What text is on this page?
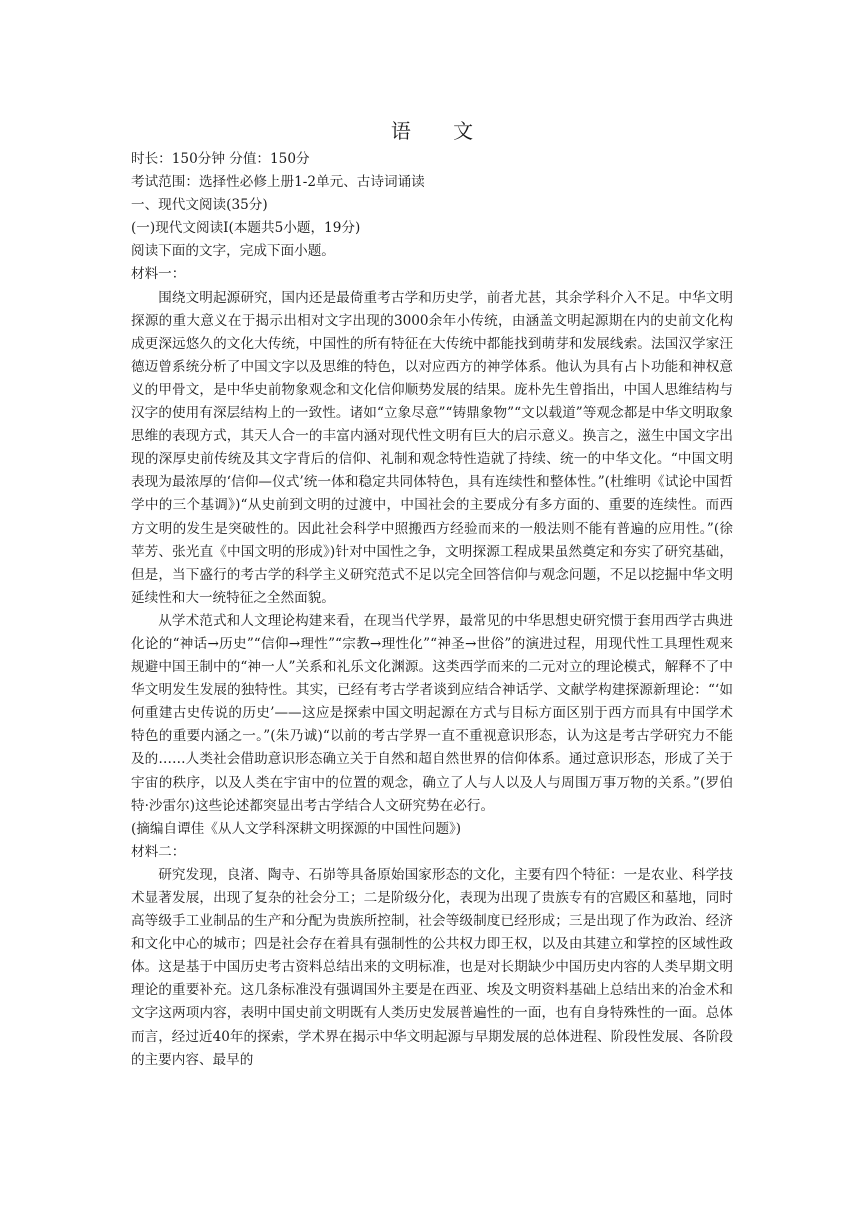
语 文
时长：150分钟 分值：150分
考试范围：选择性必修上册1-2单元、古诗词诵读
一、现代文阅读(35分)
(一)现代文阅读I(本题共5小题，19分)
阅读下面的文字，完成下面小题。
材料一：

围绕文明起源研究，国内还是最倚重考古学和历史学，前者尤甚，其余学科介入不足。中华文明探源的重大意义在于揭示出相对文字出现的3000余年小传统，由涵盖文明起源期在内的史前文化构成更深远悠久的文化大传统，中国性的所有特征在大传统中都能找到萌芽和发展线索。法国汉学家汪德迈曾系统分析了中国文字以及思维的特色，以对应西方的神学体系。他认为具有占卜功能和神权意义的甲骨文，是中华史前物象观念和文化信仰顺势发展的结果。庞朴先生曾指出，中国人思维结构与汉字的使用有深层结构上的一致性。诸如“立象尽意”“铸鼎象物”“文以载道”等观念都是中华文明取象思维的表现方式，其天人合一的丰富内涵对现代性文明有巨大的启示意义。换言之，滋生中国文字出现的深厚史前传统及其文字背后的信仰、礼制和观念特性造就了持续、统一的中华文化。“中国文明表现为最浓厚的‘信仰—仪式’统一体和稳定共同体特色，具有连续性和整体性。”(杜维明《试论中国哲学中的三个基调》)“从史前到文明的过渡中，中国社会的主要成分有多方面的、重要的连续性。而西方文明的发生是突破性的。因此社会科学中照搬西方经验而来的一般法则不能有普遍的应用性。”(徐苹芳、张光直《中国文明的形成》)针对中国性之争，文明探源工程成果虽然奠定和夯实了研究基础，但是，当下盛行的考古学的科学主义研究范式不足以完全回答信仰与观念问题，不足以挖掘中华文明延续性和大一统特征之全然面貌。

从学术范式和人文理论构建来看，在现当代学界，最常见的中华思想史研究惯于套用西学古典进化论的“神话→历史”“信仰→理性”“宗教→理性化”“神圣→世俗”的演进过程，用现代性工具理性观来规避中国王制中的“神一人”关系和礼乐文化渊源。这类西学而来的二元对立的理论模式，解释不了中华文明发生发展的独特性。其实，已经有考古学者谈到应结合神话学、文献学构建探源新理论：“‘如何重建古史传说的历史’——这应是探索中国文明起源在方式与目标方面区别于西方而具有中国学术特色的重要内涵之一。”(朱乃诚)“以前的考古学界一直不重视意识形态，认为这是考古学研究力不能及的……人类社会借助意识形态确立关于自然和超自然世界的信仰体系。通过意识形态，形成了关于宇宙的秩序，以及人类在宇宙中的位置的观念，确立了人与人以及人与周围万事万物的关系。”(罗伯特·沙雷尔)这些论述都突显出考古学结合人文研究势在必行。

(摘编自谭佳《从人文学科深耕文明探源的中国性问题》)
材料二：

研究发现，良渚、陶寺、石峁等具备原始国家形态的文化，主要有四个特征：一是农业、科学技术显著发展，出现了复杂的社会分工；二是阶级分化，表现为出现了贵族专有的宫殿区和墓地，同时高等级手工业制品的生产和分配为贵族所控制，社会等级制度已经形成；三是出现了作为政治、经济和文化中心的城市；四是社会存在着具有强制性的公共权力即王权，以及由其建立和掌控的区域性政体。这是基于中国历史考古资料总结出来的文明标准，也是对长期缺少中国历史内容的人类早期文明理论的重要补充。这几条标准没有强调国外主要是在西亚、埃及文明资料基础上总结出来的冶金术和文字这两项内容，表明中国史前文明既有人类历史发展普遍性的一面，也有自身特殊性的一面。总体而言，经过近40年的探索，学术界在揭示中华文明起源与早期发展的总体进程、阶段性发展、各阶段的主要内容、最早的
